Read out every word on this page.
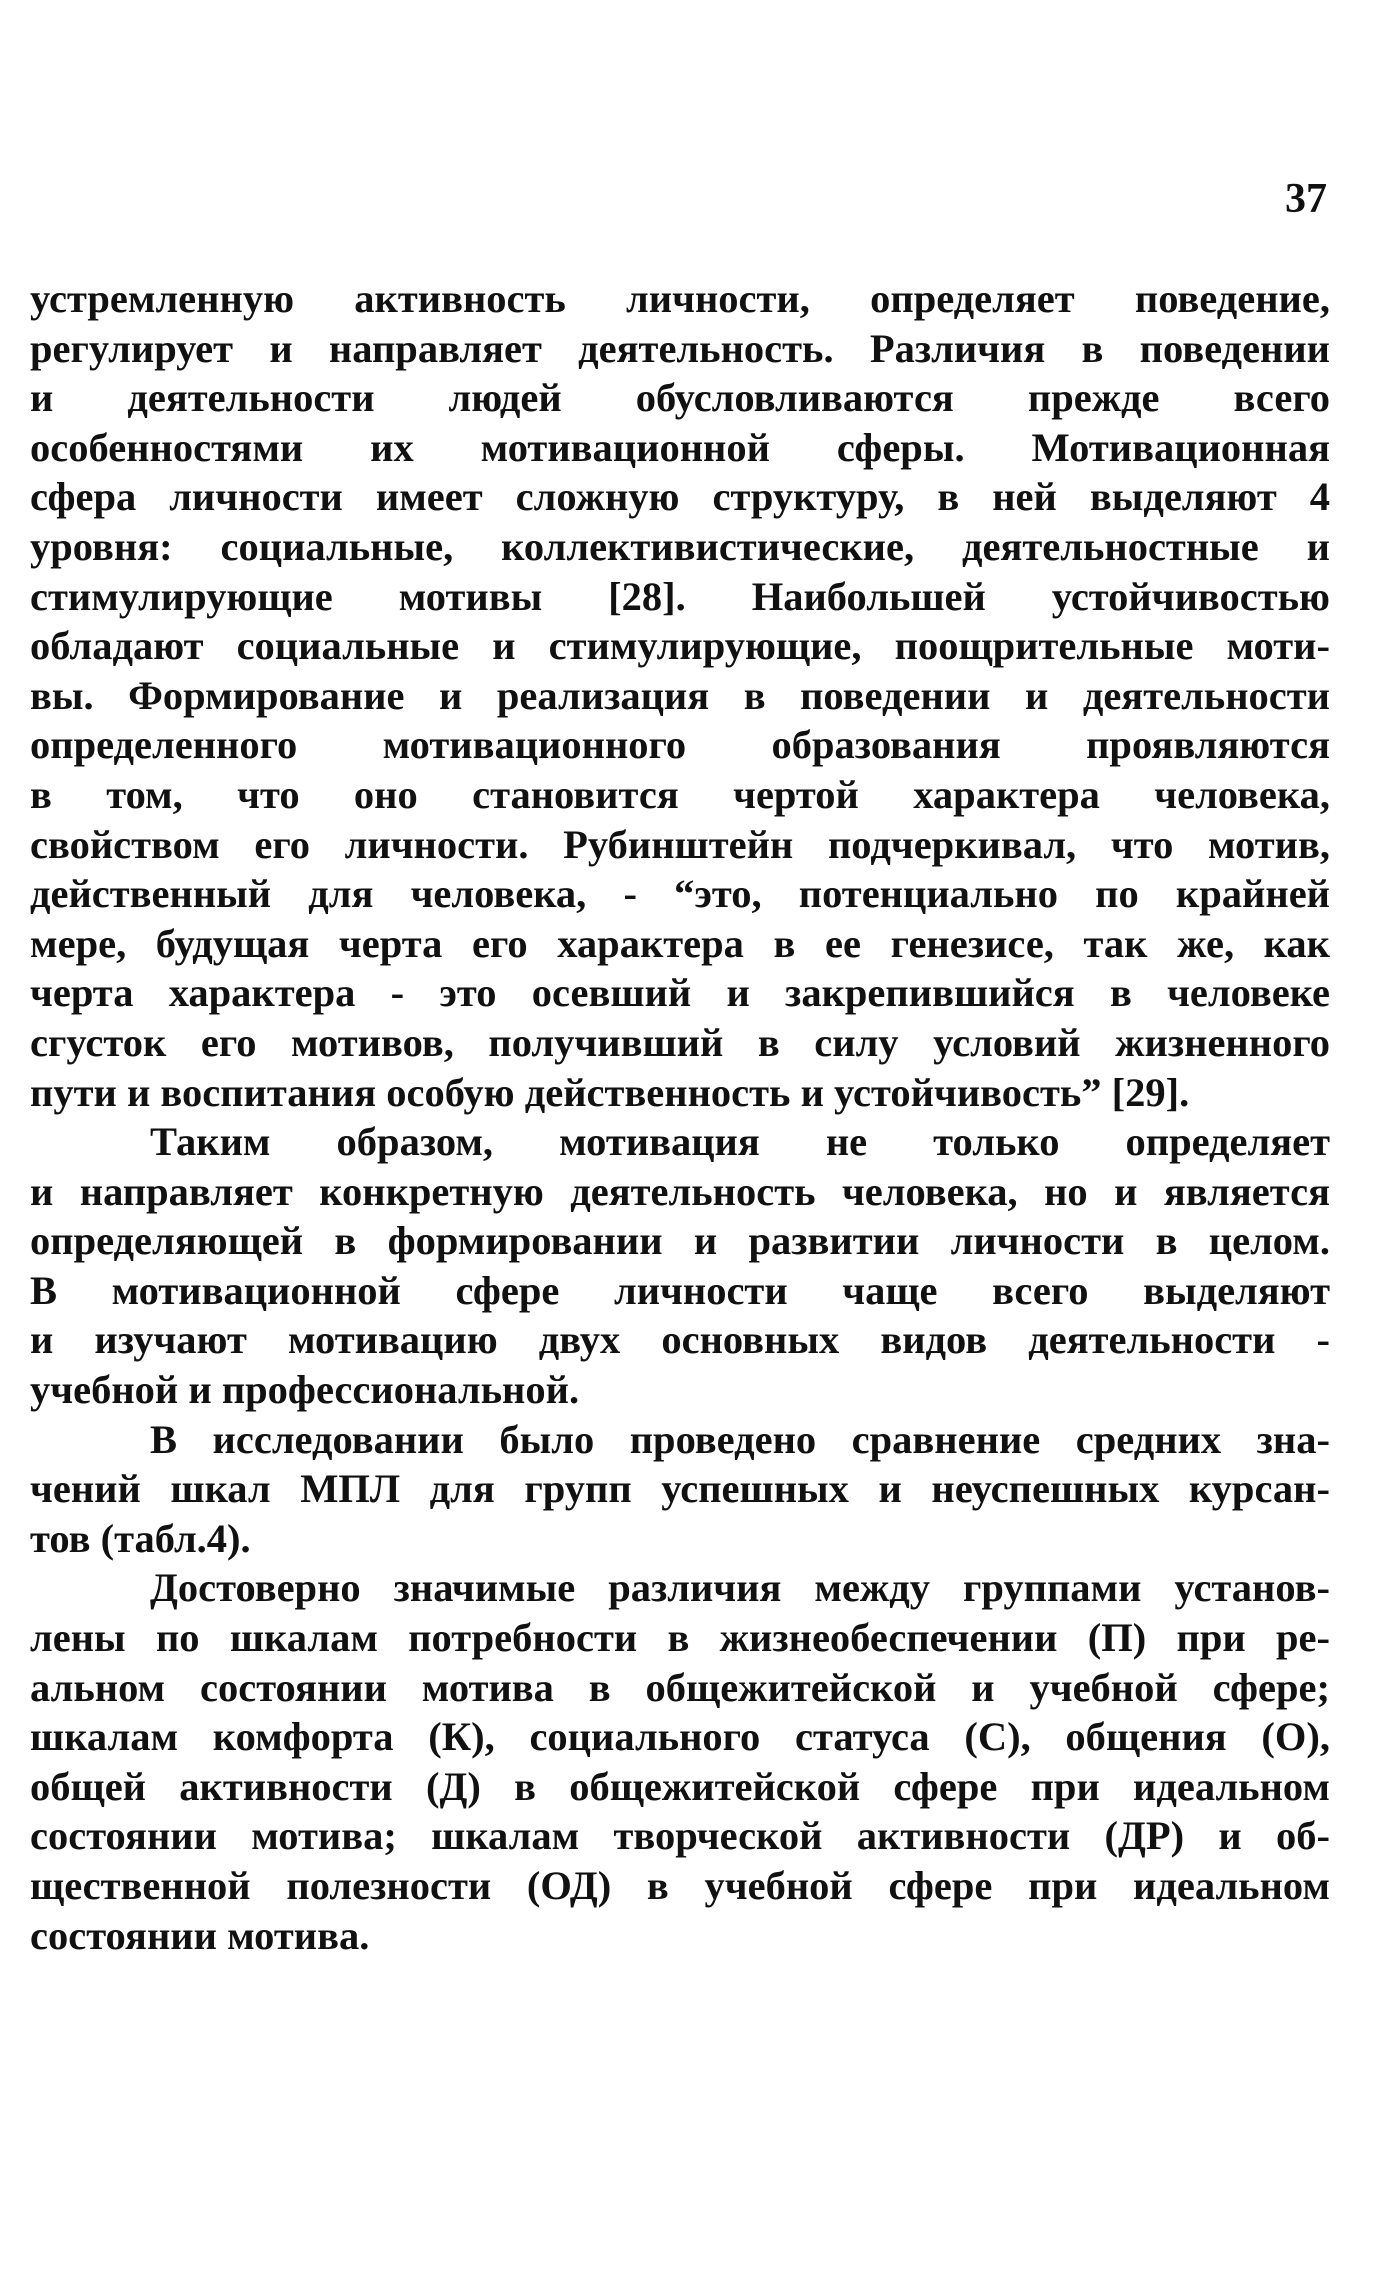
37

устремленную активность личности, определяет поведение,
регулирует и направляет деятельность. Различия в поведении
и деятельности людей обусловливаются прежде всего
особенностями их мотивационной сферы. Мотивационная
сфера личности имеет сложную структуру, в ней выделяют 4
уровня: социальные, коллективистические, деятельностные и
стимулирующие мотивы [28]. Наибольшей устойчивостью
обладают социальные и стимулирующие, поощрительные моти-
вы. Формирование и реализация в поведении и деятельности
определенного мотивационного образования проявляются
в том, что оно становится чертой характера человека,
свойством его личности. Рубинштейн подчеркивал, что мотив,
действенный для человека, - “это, потенциально по крайней
мере, будущая черта его характера в ее генезисе, так же, как
черта характера - это осевший и закрепившийся в человеке
сгусток его мотивов, получивший в силу условий жизненного
пути и воспитания особую действенность и устойчивость” [29].

Таким образом, мотивация не только определяет
и направляет конкретную деятельность человека, но и является
определяющей в формировании и развитии личности в целом.
В мотивационной сфере личности чаще всего выделяют
и изучают мотивацию двух основных видов деятельности -
учебной и профессиональной.

В исследовании было проведено сравнение средних зна-
чений шкал МПЛ для групп успешных и неуспешных курсан-
тов (табл.4).

Достоверно значимые различия между группами установ-
лены по шкалам потребности в жизнеобеспечении (П) при ре-
альном состоянии мотива в общежитейской и учебной сфере;
шкалам комфорта (К), социального статуса (С), общения (О),
общей активности (Д) в общежитейской сфере при идеальном
состоянии мотива; шкалам творческой активности (ДР) и об-
щественной полезности (ОД) в учебной сфере при идеальном
состоянии мотива.
